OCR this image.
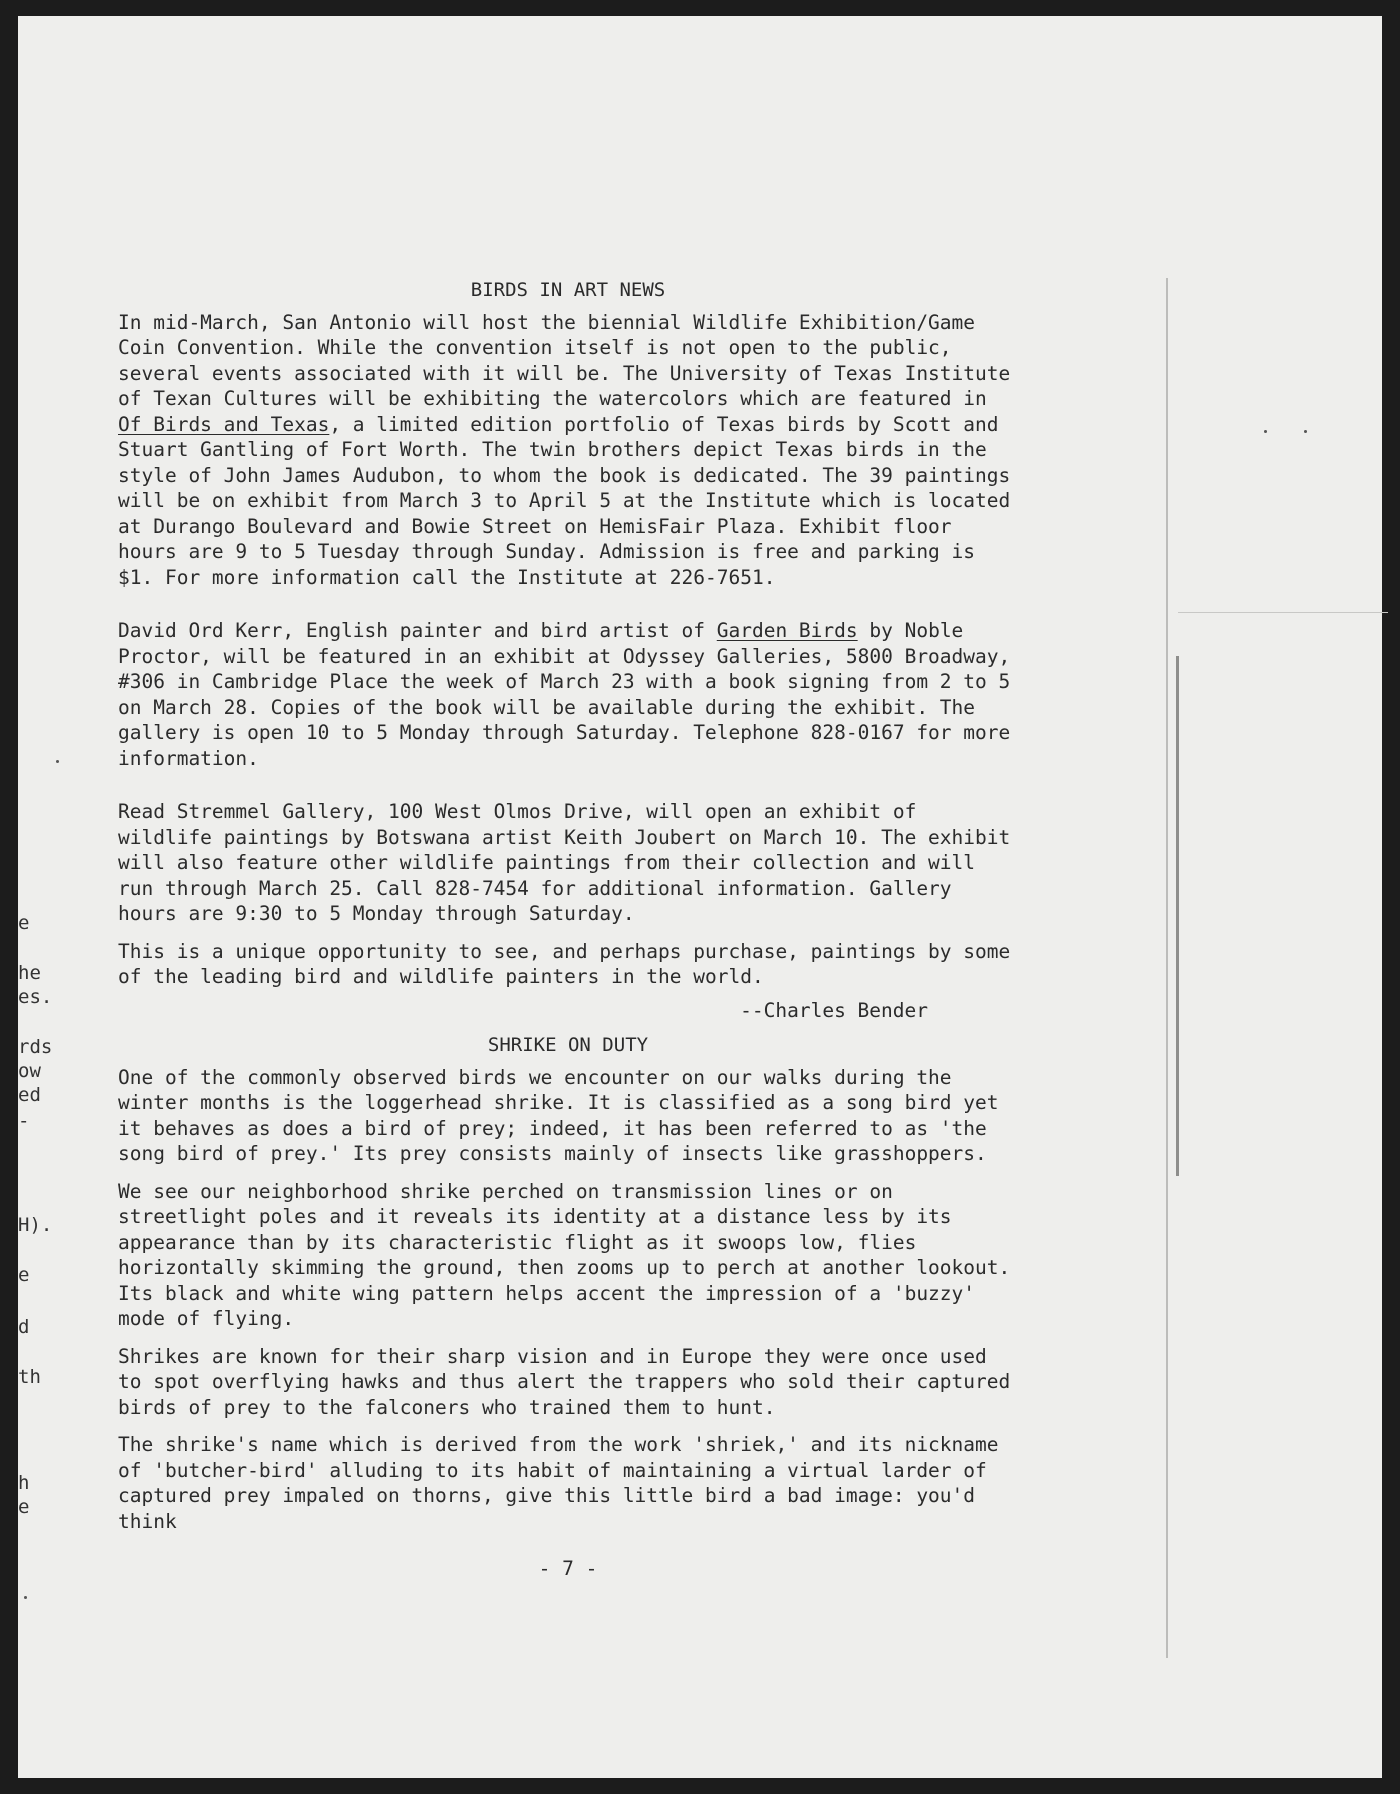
e
he
es.
rds
ow
ed
-
H).
e
d
th
h
e
BIRDS IN ART NEWS

In mid-March, San Antonio will host the biennial Wildlife Exhibition/Game Coin Convention. While the convention itself is not open to the public, several events associated with it will be. The University of Texas Institute of Texan Cultures will be exhibiting the watercolors which are featured in Of Birds and Texas, a limited edition portfolio of Texas birds by Scott and Stuart Gantling of Fort Worth. The twin brothers depict Texas birds in the style of John James Audubon, to whom the book is dedicated. The 39 paintings will be on exhibit from March 3 to April 5 at the Institute which is located at Durango Boulevard and Bowie Street on HemisFair Plaza. Exhibit floor hours are 9 to 5 Tuesday through Sunday. Admission is free and parking is $1. For more information call the Institute at 226-7651.

David Ord Kerr, English painter and bird artist of Garden Birds by Noble Proctor, will be featured in an exhibit at Odyssey Galleries, 5800 Broadway, #306 in Cambridge Place the week of March 23 with a book signing from 2 to 5 on March 28. Copies of the book will be available during the exhibit. The gallery is open 10 to 5 Monday through Saturday. Telephone 828-0167 for more information.

Read Stremmel Gallery, 100 West Olmos Drive, will open an exhibit of wildlife paintings by Botswana artist Keith Joubert on March 10. The exhibit will also feature other wildlife paintings from their collection and will run through March 25. Call 828-7454 for additional information. Gallery hours are 9:30 to 5 Monday through Saturday.

This is a unique opportunity to see, and perhaps purchase, paintings by some of the leading bird and wildlife painters in the world.

--Charles Bender
SHRIKE ON DUTY

One of the commonly observed birds we encounter on our walks during the winter months is the loggerhead shrike. It is classified as a song bird yet it behaves as does a bird of prey; indeed, it has been referred to as 'the song bird of prey.' Its prey consists mainly of insects like grasshoppers.

We see our neighborhood shrike perched on transmission lines or on streetlight poles and it reveals its identity at a distance less by its appearance than by its characteristic flight as it swoops low, flies horizontally skimming the ground, then zooms up to perch at another lookout. Its black and white wing pattern helps accent the impression of a 'buzzy' mode of flying.

Shrikes are known for their sharp vision and in Europe they were once used to spot overflying hawks and thus alert the trappers who sold their captured birds of prey to the falconers who trained them to hunt.

The shrike's name which is derived from the work 'shriek,' and its nickname of 'butcher-bird' alluding to its habit of maintaining a virtual larder of captured prey impaled on thorns, give this little bird a bad image: you'd think

- 7 -
